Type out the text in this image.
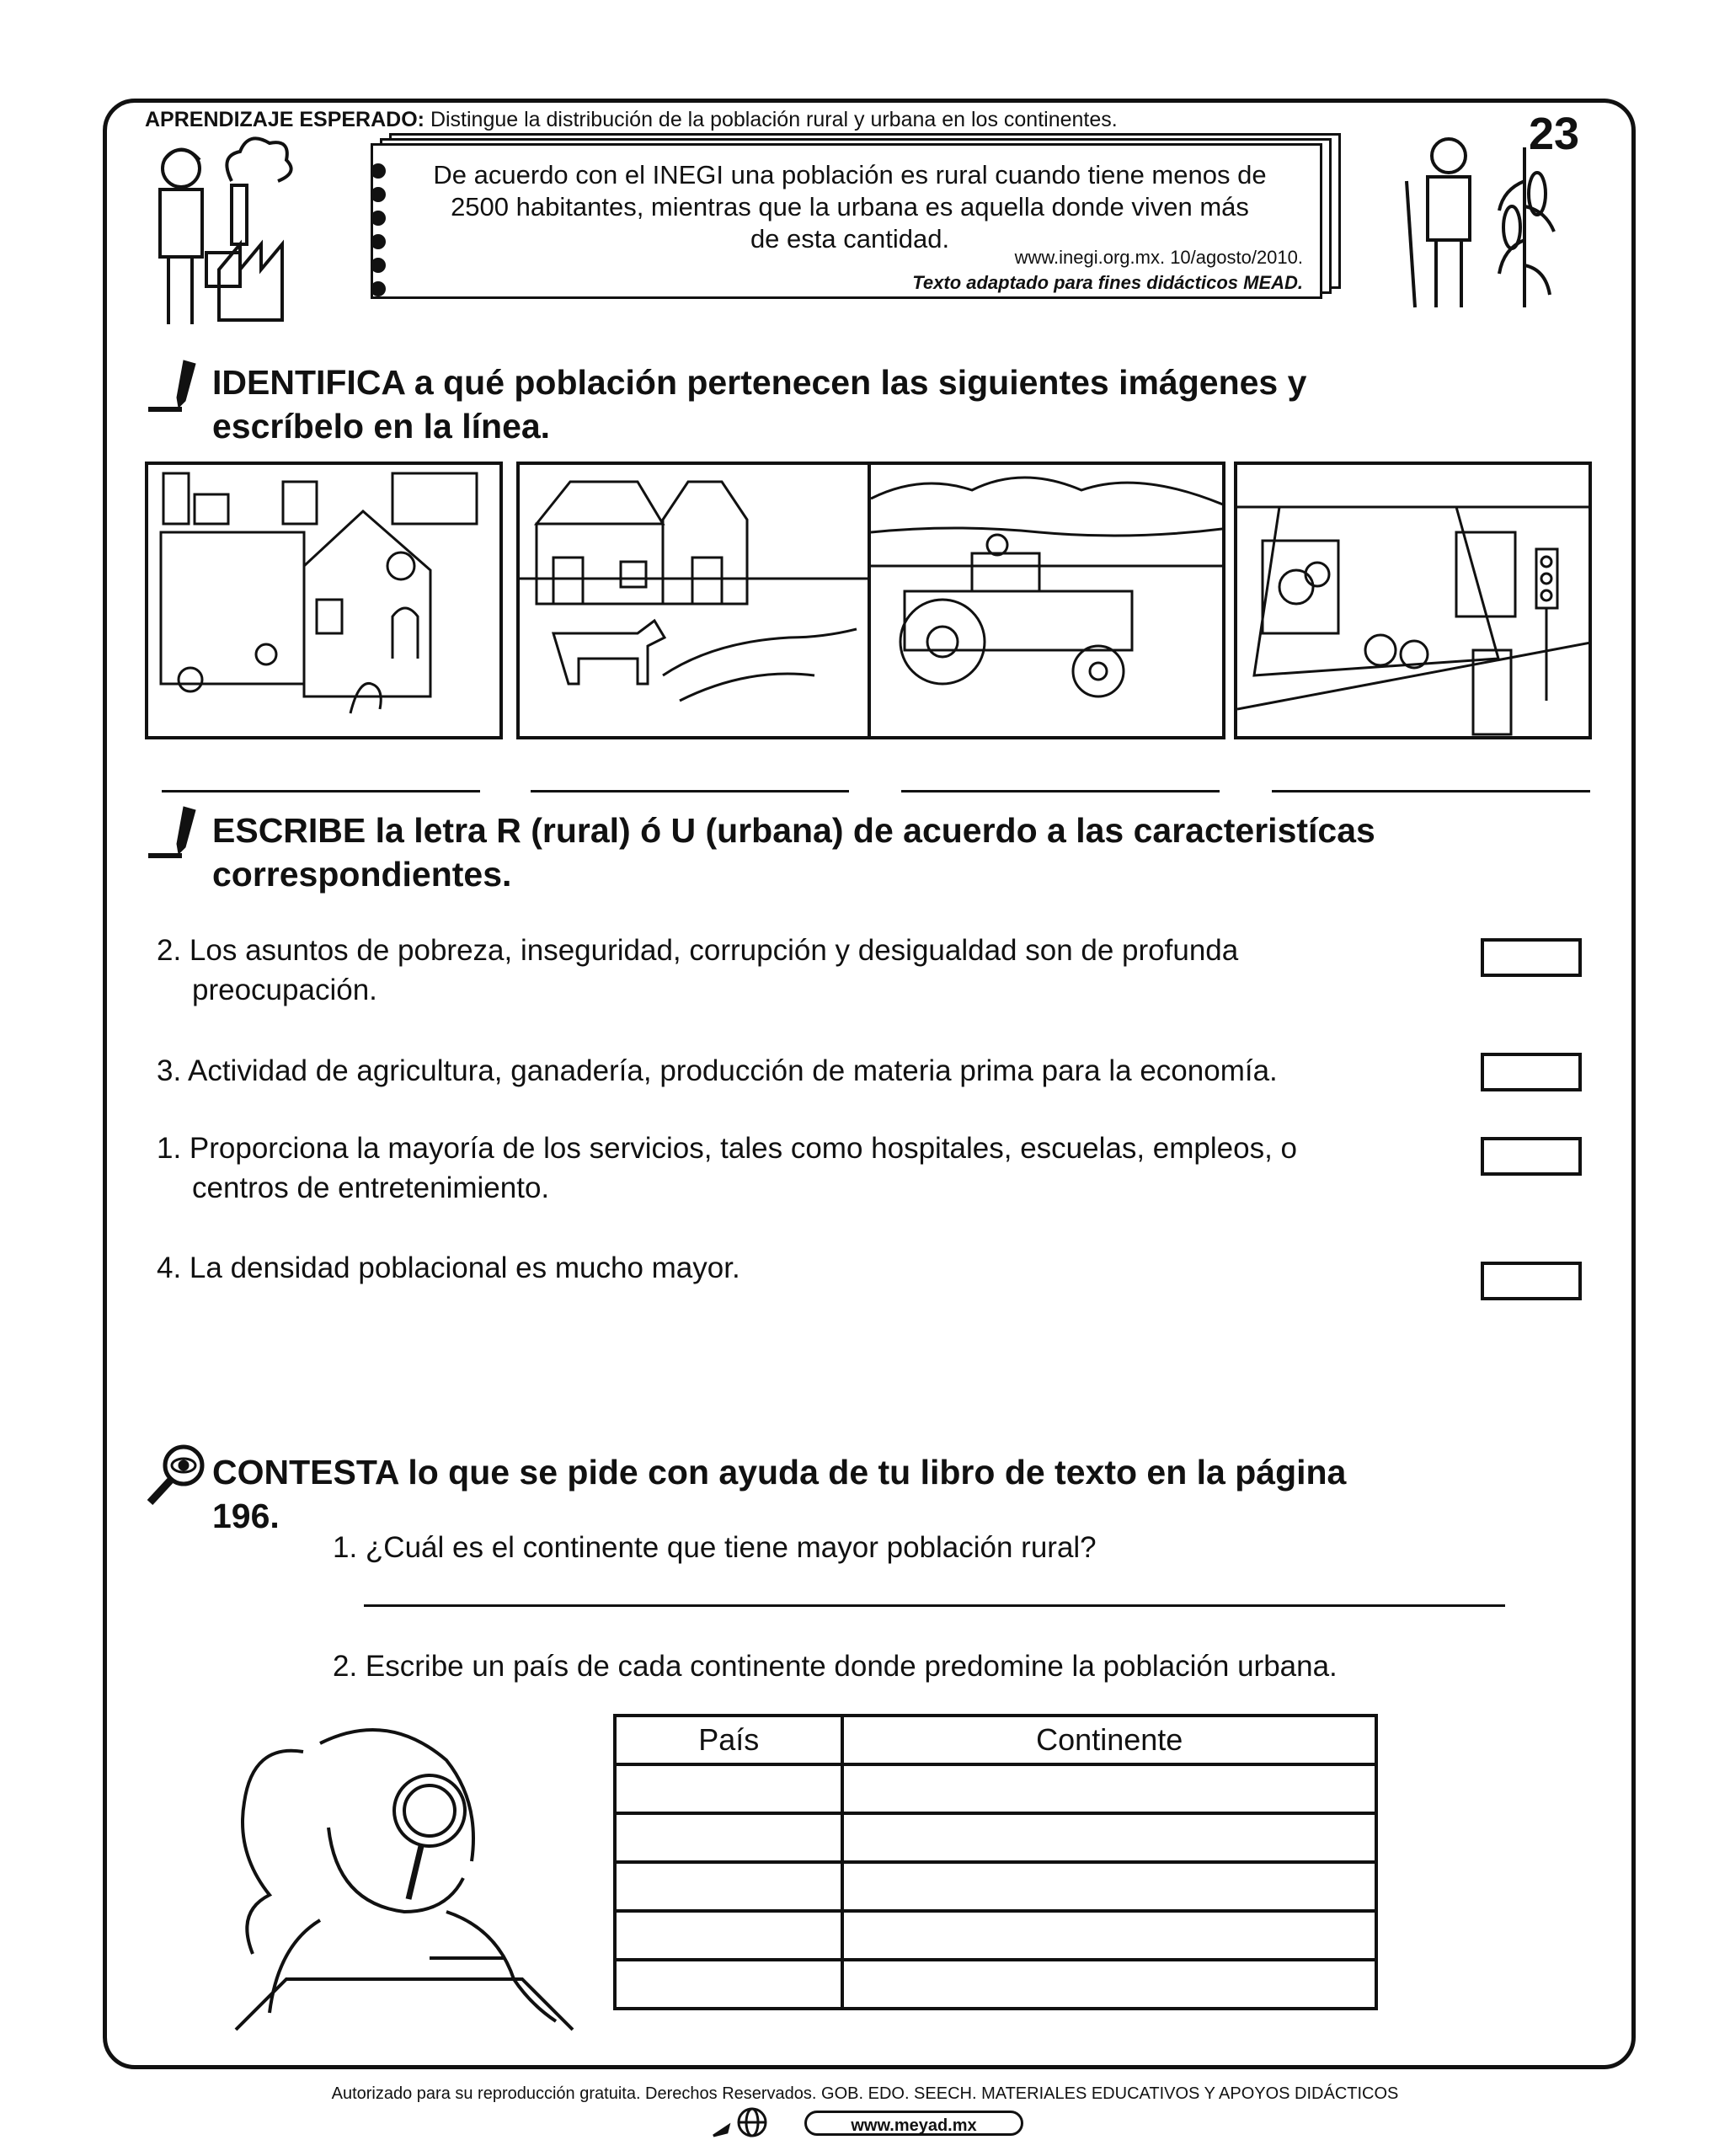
APRENDIZAJE ESPERADO: Distingue la distribución de la población rural y urbana en los continentes.	23
De acuerdo con el INEGI una población es rural cuando tiene menos de
2500 habitantes, mientras que la urbana es aquella donde viven más
de esta cantidad.
www.inegi.org.mx. 10/agosto/2010.
Texto adaptado para fines didácticos MEAD.
IDENTIFICA a qué población pertenecen las siguientes imágenes y
escríbelo en la línea.
ESCRIBE la letra R (rural) ó U (urbana) de acuerdo a las caracteristícas
correspondientes.
2. Los asuntos de pobreza, inseguridad, corrupción y desigualdad son de profunda
preocupación.
3. Actividad de agricultura, ganadería, producción de materia prima para la economía.
1. Proporciona la mayoría de los servicios, tales como hospitales, escuelas, empleos, o
centros de entretenimiento.
4. La densidad poblacional es mucho mayor.
CONTESTA lo que se pide con ayuda de tu libro de texto en la página
196.
1. ¿Cuál es el continente que tiene mayor población rural?
2. Escribe un país de cada continente donde predomine la población urbana.
País	Continente

Autorizado para su reproducción gratuita. Derechos Reservados. GOB. EDO. SEECH. MATERIALES EDUCATIVOS Y APOYOS DIDÁCTICOS
www.meyad.mx
